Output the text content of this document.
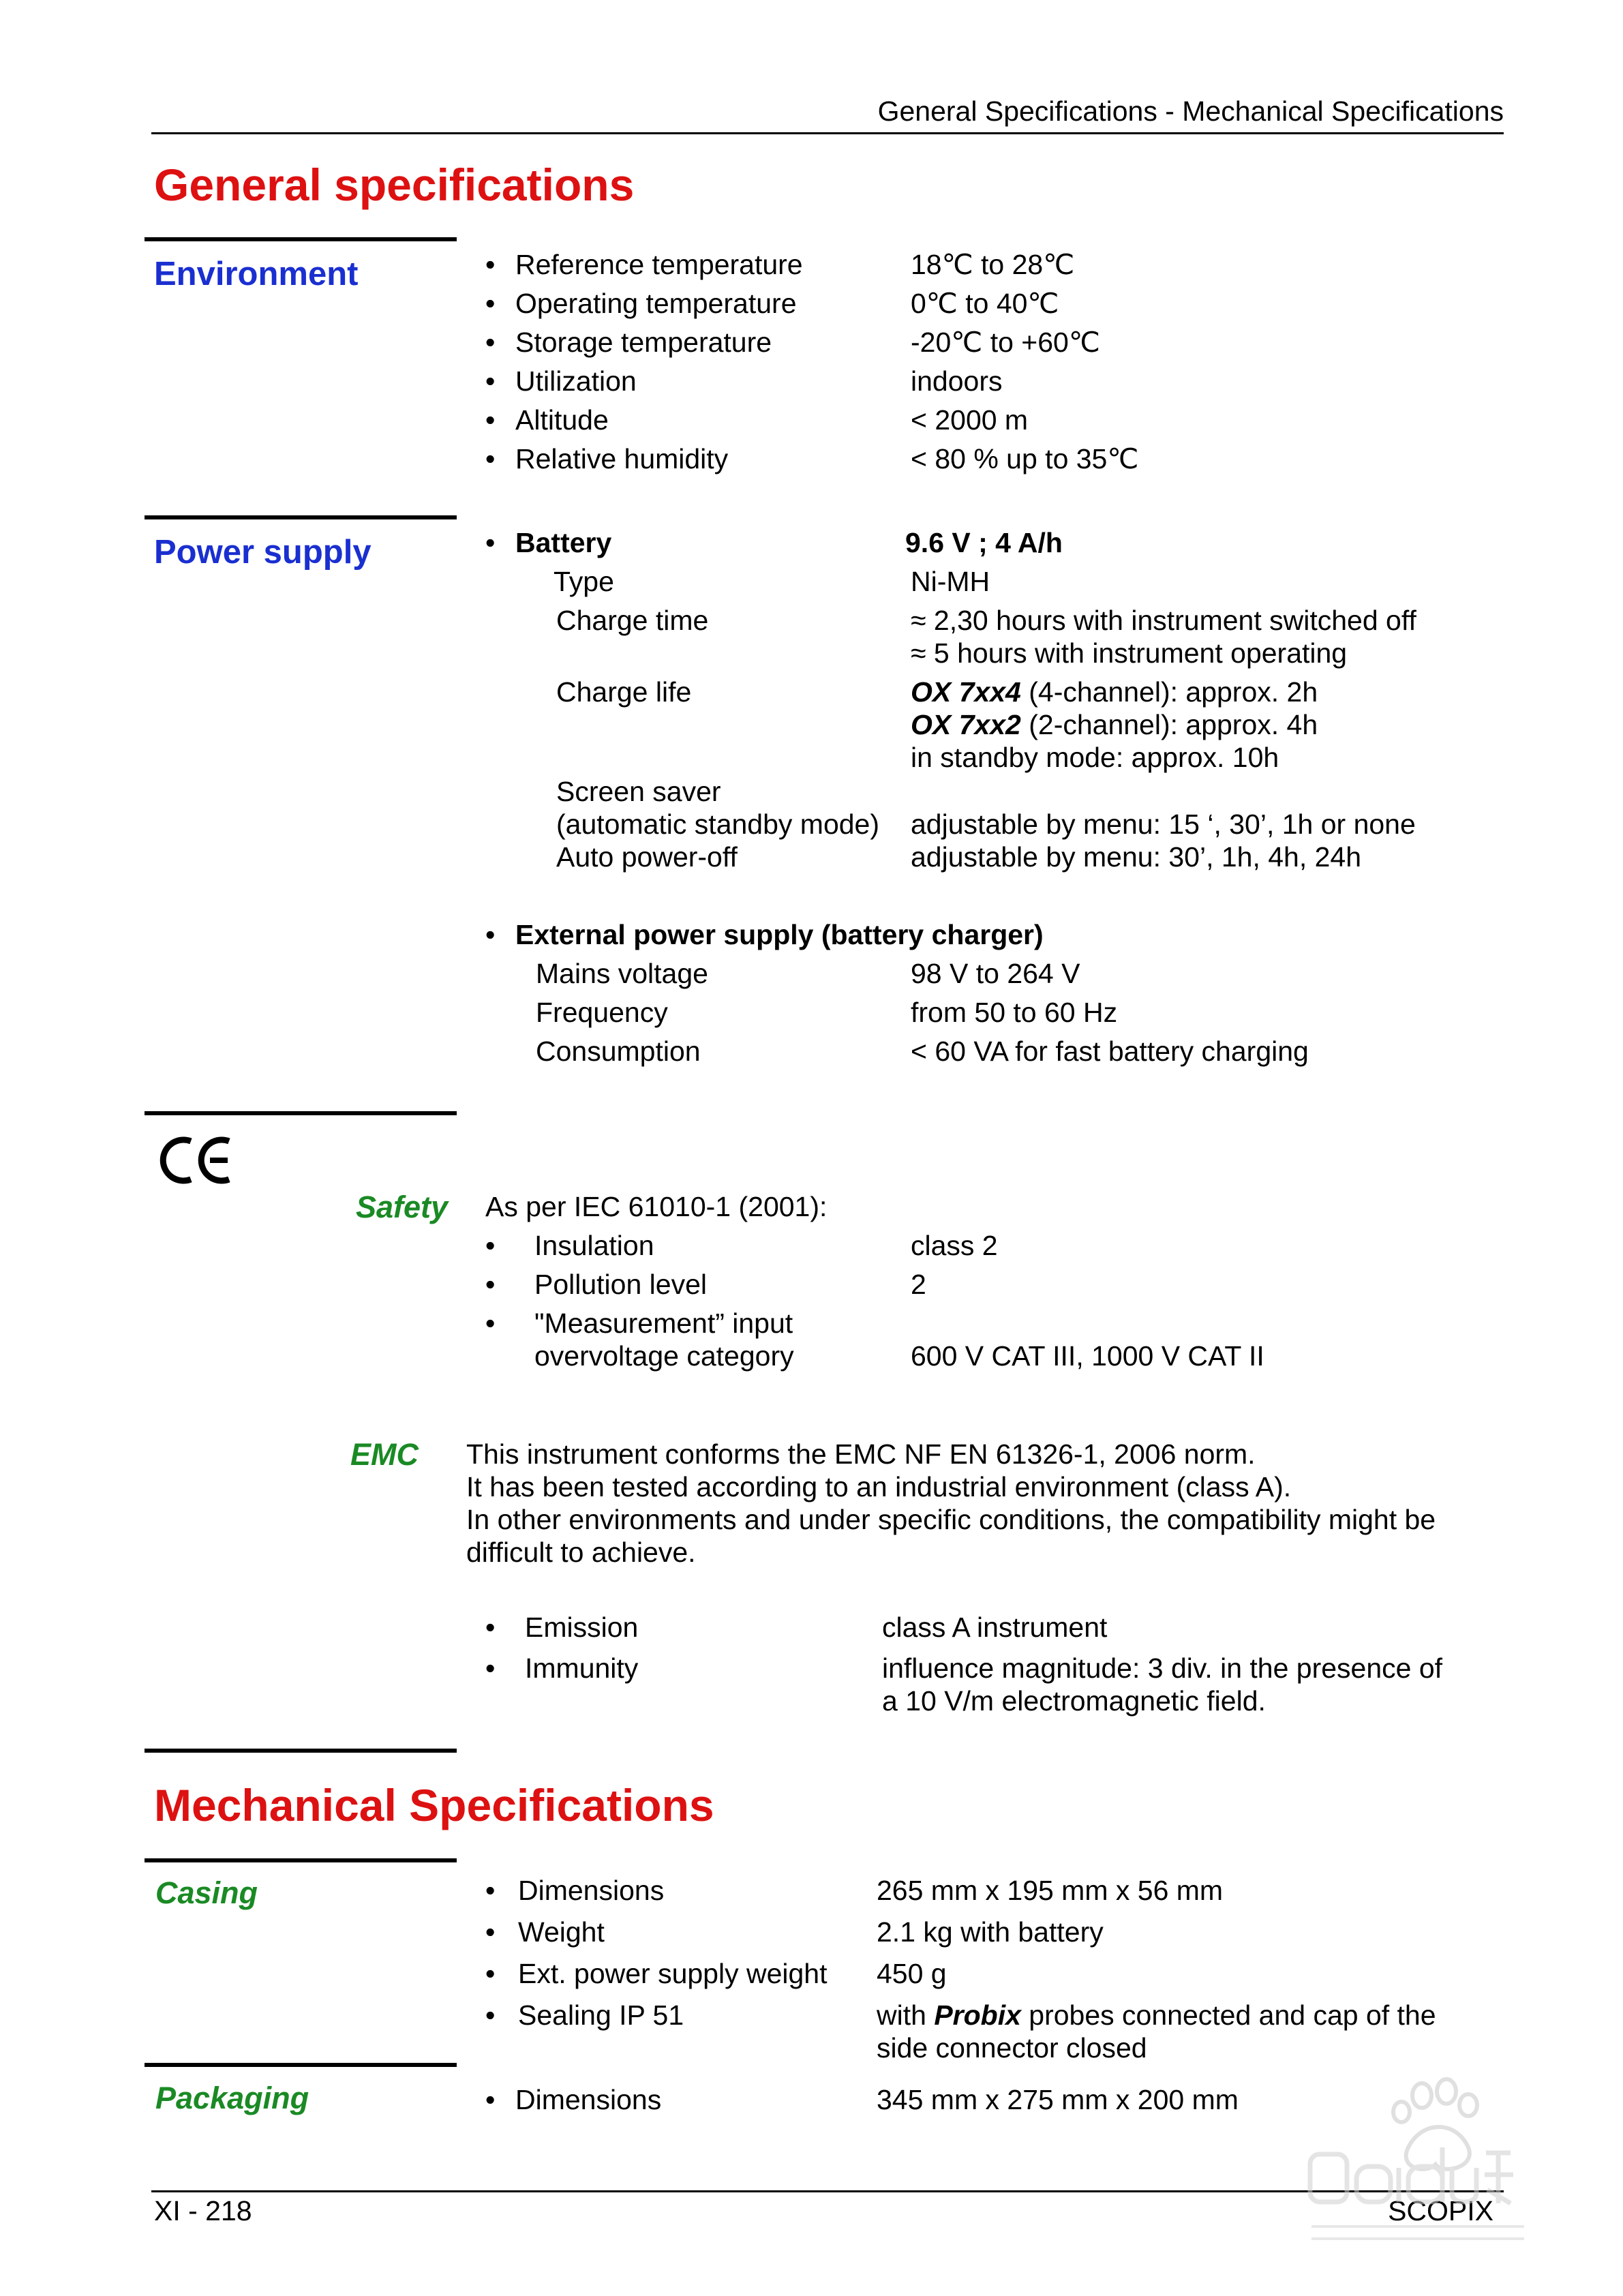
General Specifications - Mechanical Specifications
General specifications
Environment	• Reference temperature	18℃ to 28℃
• Operating temperature	0℃ to 40℃
• Storage temperature	-20℃ to +60℃
• Utilization	indoors
• Altitude	< 2000 m
• Relative humidity	< 80 % up to 35℃
Power supply	• Battery	9.6 V ; 4 A/h
Type	Ni-MH
Charge time	≈ 2,30 hours with instrument switched off
≈ 5 hours with instrument operating
Charge life	OX 7xx4 (4-channel): approx. 2h
OX 7xx2 (2-channel): approx. 4h
in standby mode: approx. 10h
Screen saver
(automatic standby mode) adjustable by menu: 15 ‘, 30’, 1h or none
Auto power-off	adjustable by menu: 30’, 1h, 4h, 24h
• External power supply (battery charger)
Mains voltage	98 V to 264 V
Frequency	from 50 to 60 Hz
Consumption	< 60 VA for fast battery charging
Safety As per IEC 61010-1 (2001):
• Insulation	class 2
• Pollution level	2
• "Measurement” input
overvoltage category	600 V CAT III, 1000 V CAT II
EMC This instrument conforms the EMC NF EN 61326-1, 2006 norm.
It has been tested according to an industrial environment (class A).
In other environments and under specific conditions, the compatibility might be
difficult to achieve.
• Emission	class A instrument
• Immunity	influence magnitude: 3 div. in the presence of
a 10 V/m electromagnetic field.
Mechanical Specifications
Casing	• Dimensions	265 mm x 195 mm x 56 mm
• Weight	2.1 kg with battery
• Ext. power supply weight 450 g
• Sealing IP 51	with Probix probes connected and cap of the
side connector closed
Packaging	• Dimensions	345 mm x 275 mm x 200 mm
XI - 218	SCOPIX
